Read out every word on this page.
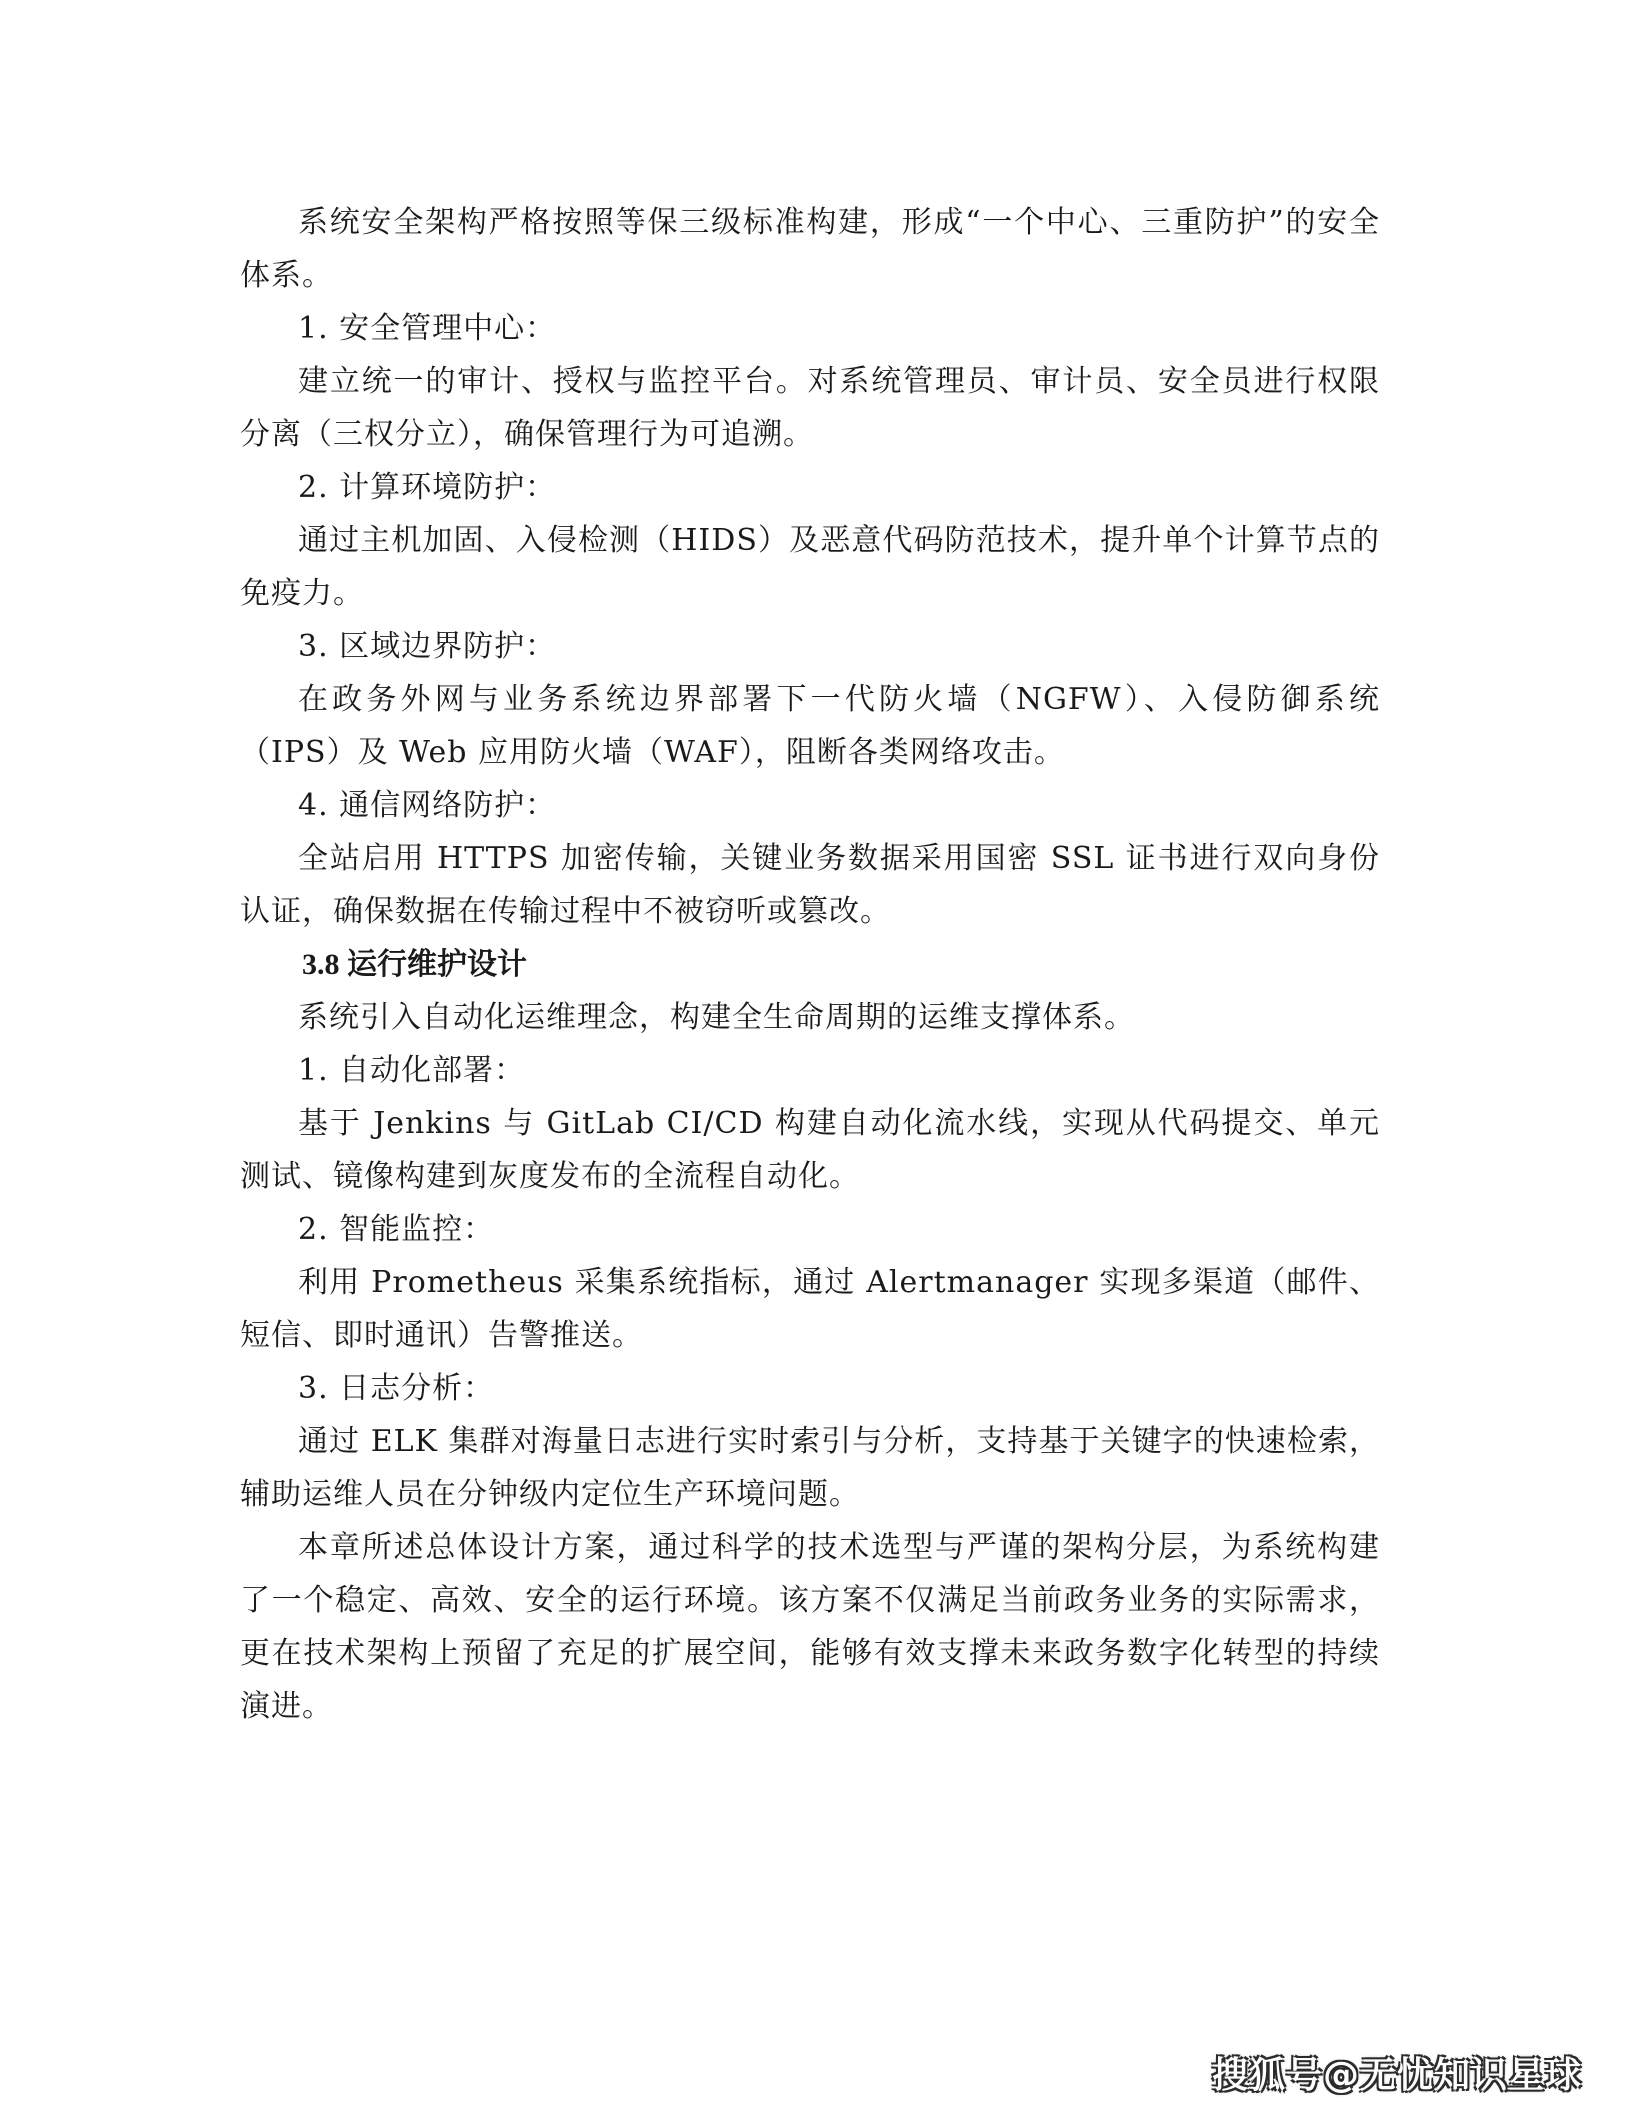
系统安全架构严格按照等保三级标准构建，形成“一个中心、三重防护”的安全体系。

1. 安全管理中心：

建立统一的审计、授权与监控平台。对系统管理员、审计员、安全员进行权限分离（三权分立），确保管理行为可追溯。

2. 计算环境防护：

通过主机加固、入侵检测（HIDS）及恶意代码防范技术，提升单个计算节点的免疫力。

3. 区域边界防护：

在政务外网与业务系统边界部署下一代防火墙（NGFW）、入侵防御系统（IPS）及 Web 应用防火墙（WAF），阻断各类网络攻击。

4. 通信网络防护：

全站启用 HTTPS 加密传输，关键业务数据采用国密 SSL 证书进行双向身份认证，确保数据在传输过程中不被窃听或篡改。

3.8 运行维护设计

系统引入自动化运维理念，构建全生命周期的运维支撑体系。

1. 自动化部署：

基于 Jenkins 与 GitLab CI/CD 构建自动化流水线，实现从代码提交、单元测试、镜像构建到灰度发布的全流程自动化。

2. 智能监控：

利用 Prometheus 采集系统指标，通过 Alertmanager 实现多渠道（邮件、短信、即时通讯）告警推送。

3. 日志分析：

通过 ELK 集群对海量日志进行实时索引与分析，支持基于关键字的快速检索，辅助运维人员在分钟级内定位生产环境问题。

本章所述总体设计方案，通过科学的技术选型与严谨的架构分层，为系统构建了一个稳定、高效、安全的运行环境。该方案不仅满足当前政务业务的实际需求，更在技术架构上预留了充足的扩展空间，能够有效支撑未来政务数字化转型的持续演进。

搜狐号@无忧知识星球
